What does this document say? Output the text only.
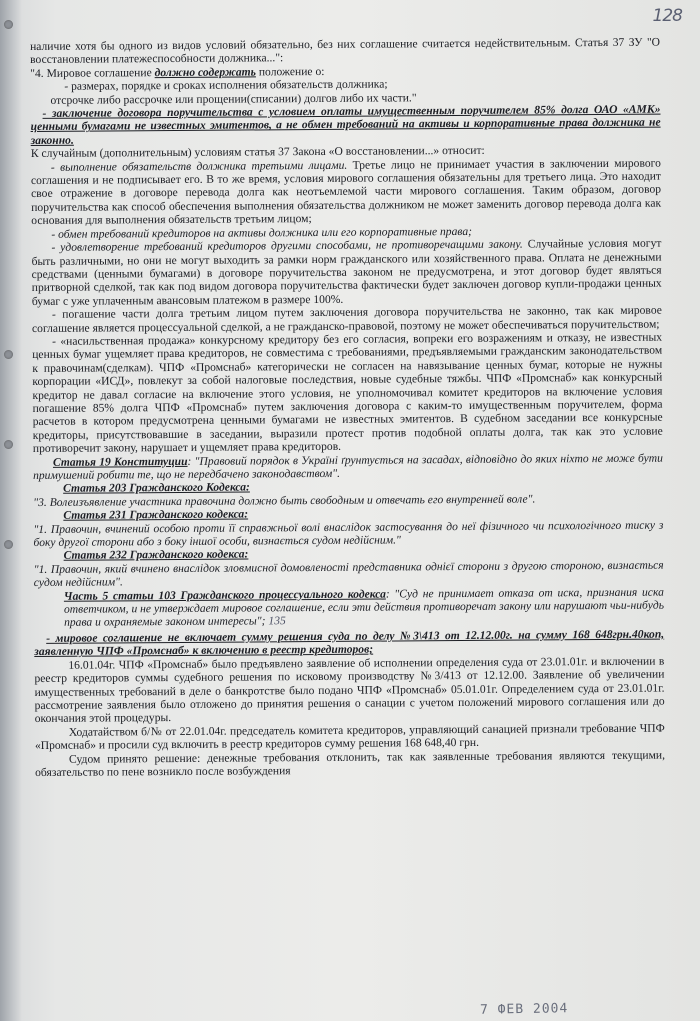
128

наличие хотя бы одного из видов условий обязательно, без них соглашение считается недействительным. Статья 37 ЗУ "О восстановлении платежеспособности должника...":

"4. Мировое соглашение должно содержать положение о:

- размерах, порядке и сроках исполнения обязательств должника;

отсрочке либо рассрочке или прощении(списании) долгов либо их части."

- заключение договора поручительства с условием оплаты имущественным поручителем 85% долга ОАО «АМК» ценными бумагами не известных эмитентов, а не обмен требований на активы и корпоративные права должника не законно.

К случайным (дополнительным) условиям статья 37 Закона «О восстановлении...» относит:

- выполнение обязательств должника третьими лицами. Третье лицо не принимает участия в заключении мирового соглашения и не подписывает его. В то же время, условия мирового соглашения обязательны для третьего лица. Это находит свое отражение в договоре перевода долга как неотъемлемой части мирового соглашения. Таким образом, договор поручительства как способ обеспечения выполнения обязательства должником не может заменить договор перевода долга как основания для выполнения обязательств третьим лицом;

- обмен требований кредиторов на активы должника или его корпоративные права;

- удовлетворение требований кредиторов другими способами, не противоречащими закону. Случайные условия могут быть различными, но они не могут выходить за рамки норм гражданского или хозяйственного права. Оплата не денежными средствами (ценными бумагами) в договоре поручительства законом не предусмотрена, и этот договор будет являться притворной сделкой, так как под видом договора поручительства фактически будет заключен договор купли-продажи ценных бумаг с уже уплаченным авансовым платежом в размере 100%.

- погашение части долга третьим лицом путем заключения договора поручительства не законно, так как мировое соглашение является процессуальной сделкой, а не гражданско-правовой, поэтому не может обеспечиваться поручительством;

- «насильственная продажа» конкурсному кредитору без его согласия, вопреки его возражениям и отказу, не известных ценных бумаг ущемляет права кредиторов, не совместима с требованиями, предъявляемыми гражданским законодательством к правочинам(сделкам). ЧПФ «Промснаб» категорически не согласен на навязывание ценных бумаг, которые не нужны корпорации «ИСД», повлекут за собой налоговые последствия, новые судебные тяжбы. ЧПФ «Промснаб» как конкурсный кредитор не давал согласие на включение этого условия, не уполномочивал комитет кредиторов на включение условия погашение 85% долга ЧПФ «Промснаб» путем заключения договора с каким-то имущественным поручителем, форма расчетов в котором предусмотрена ценными бумагами не известных эмитентов. В судебном заседании все конкурсные кредиторы, присутствовавшие в заседании, выразили протест против подобной оплаты долга, так как это условие противоречит закону, нарушает и ущемляет права кредиторов.

Статья 19 Конституции: "Правовий порядок в Україні ґрунтується на засадах, відповідно до яких ніхто не може бути примушений робити те, що не передбачено законодавством".

Статья 203 Гражданского Кодекса:

"3. Волеизъявление участника правочина должно быть свободным и отвечать его внутренней воле".

Статья 231 Гражданского кодекса:

"1. Правочин, вчинений особою проти її справжньої волі внаслідок застосування до неї фізичного чи психологічного тиску з боку другої сторони або з боку іншої особи, визнається судом недійсним."

Статья 232 Гражданского кодекса:

"1. Правочин, який вчинено внаслідок зловмисної домовленості представника однієї сторони з другою стороною, визнається судом недійсним".

Часть 5 статьи 103 Гражданского процессуального кодекса: "Суд не принимает отказа от иска, признания иска ответчиком, и не утверждает мировое соглашение, если эти действия противоречат закону или нарушают чьи-нибудь права и охраняемые законом интересы"; 135

- мировое соглашение не включает сумму решения суда по делу №3\413 от 12.12.00г. на сумму 168 648грн.40коп, заявленную ЧПФ «Промснаб» к включению в реестр кредиторов;

16.01.04г. ЧПФ «Промснаб» было предъявлено заявление об исполнении определения суда от 23.01.01г. и включении в реестр кредиторов суммы судебного решения по исковому производству №3/413 от 12.12.00. Заявление об увеличении имущественных требований в деле о банкротстве было подано ЧПФ «Промснаб» 05.01.01г. Определением суда от 23.01.01г. рассмотрение заявления было отложено до принятия решения о санации с учетом положений мирового соглашения или до окончания этой процедуры.

Ходатайством б/№ от 22.01.04г. председатель комитета кредиторов, управляющий санацией признали требование ЧПФ «Промснаб» и просили суд включить в реестр кредиторов сумму решения 168 648,40 грн.

Судом принято решение: денежные требования отклонить, так как заявленные требования являются текущими, обязательство по пене возникло после возбуждения

7 ФЕВ 2004
